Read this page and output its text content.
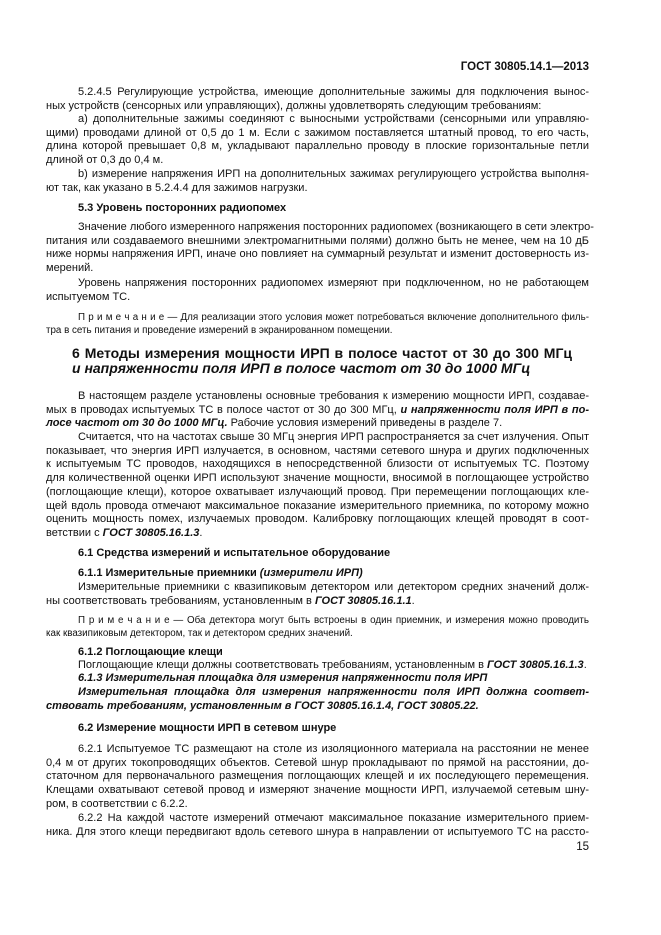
ГОСТ 30805.14.1—2013
5.2.4.5 Регулирующие устройства, имеющие дополнительные зажимы для подключения вынос-
ных устройств (сенсорных или управляющих), должны удовлетворять следующим требованиям:
а) дополнительные зажимы соединяют с выносными устройствами (сенсорными или управляю-
щими) проводами длиной от 0,5 до 1 м. Если с зажимом поставляется штатный провод, то его часть,
длина которой превышает 0,8 м, укладывают параллельно проводу в плоские горизонтальные петли
длиной от 0,3 до 0,4 м.
b) измерение напряжения ИРП на дополнительных зажимах регулирующего устройства выполня-
ют так, как указано в 5.2.4.4 для зажимов нагрузки.
5.3 Уровень посторонних радиопомех
Значение любого измеренного напряжения посторонних радиопомех (возникающего в сети электро-
питания или создаваемого внешними электромагнитными полями) должно быть не менее, чем на 10 дБ
ниже нормы напряжения ИРП, иначе оно повлияет на суммарный результат и изменит достоверность из-
мерений.
Уровень напряжения посторонних радиопомех измеряют при подключенном, но не работающем
испытуемом ТС.
П р и м е ч а н и е — Для реализации этого условия может потребоваться включение дополнительного филь-
тра в сеть питания и проведение измерений в экранированном помещении.
6 Методы измерения мощности ИРП в полосе частот от 30 до 300 МГц
и напряженности поля ИРП в полосе частот от 30 до 1000 МГц
В настоящем разделе установлены основные требования к измерению мощности ИРП, создавае-
мых в проводах испытуемых ТС в полосе частот от 30 до 300 МГц, и напряженности поля ИРП в по-
лосе частот от 30 до 1000 МГц. Рабочие условия измерений приведены в разделе 7.
Считается, что на частотах свыше 30 МГц энергия ИРП распространяется за счет излучения. Опыт
показывает, что энергия ИРП излучается, в основном, частями сетевого шнура и других подключенных
к испытуемым ТС проводов, находящихся в непосредственной близости от испытуемых ТС. Поэтому
для количественной оценки ИРП используют значение мощности, вносимой в поглощающее устройство
(поглощающие клещи), которое охватывает излучающий провод. При перемещении поглощающих кле-
щей вдоль провода отмечают максимальное показание измерительного приемника, по которому можно
оценить мощность помех, излучаемых проводом. Калибровку поглощающих клещей проводят в соот-
ветствии с ГОСТ 30805.16.1.3.
6.1 Средства измерений и испытательное оборудование
6.1.1 Измерительные приемники (измерители ИРП)
Измерительные приемники с квазипиковым детектором или детектором средних значений долж-
ны соответствовать требованиям, установленным в ГОСТ 30805.16.1.1.
П р и м е ч а н и е — Оба детектора могут быть встроены в один приемник, и измерения можно проводить
как квазипиковым детектором, так и детектором средних значений.
6.1.2 Поглощающие клещи
Поглощающие клещи должны соответствовать требованиям, установленным в ГОСТ 30805.16.1.3.
6.1.3 Измерительная площадка для измерения напряженности поля ИРП
Измерительная площадка для измерения напряженности поля ИРП должна соответ-
ствовать требованиям, установленным в ГОСТ 30805.16.1.4, ГОСТ 30805.22.
6.2 Измерение мощности ИРП в сетевом шнуре
6.2.1 Испытуемое ТС размещают на столе из изоляционного материала на расстоянии не менее
0,4 м от других токопроводящих объектов. Сетевой шнур прокладывают по прямой на расстоянии, до-
статочном для первоначального размещения поглощающих клещей и их последующего перемещения.
Клещами охватывают сетевой провод и измеряют значение мощности ИРП, излучаемой сетевым шну-
ром, в соответствии с 6.2.2.
6.2.2 На каждой частоте измерений отмечают максимальное показание измерительного прием-
ника. Для этого клещи передвигают вдоль сетевого шнура в направлении от испытуемого ТС на рассто-
15
